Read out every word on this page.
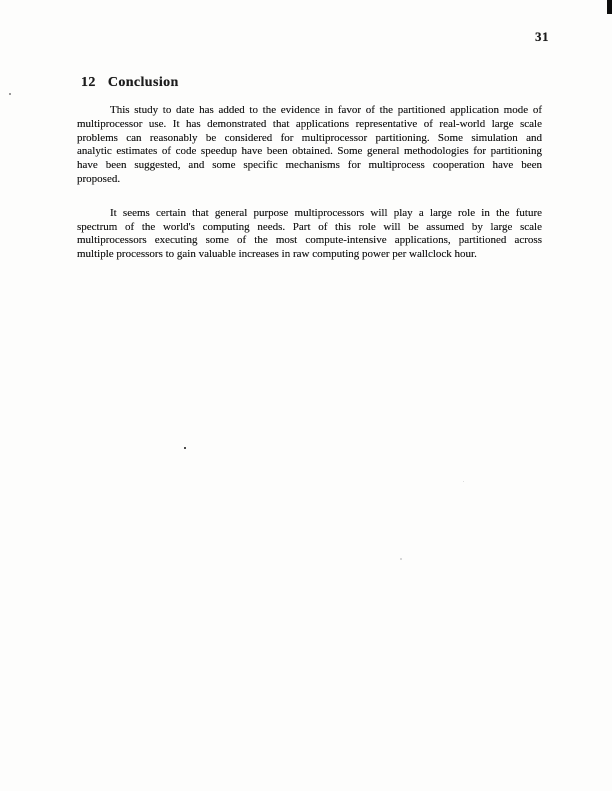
31
12 Conclusion
This study to date has added to the evidence in favor of the partitioned application mode of
multiprocessor use. It has demonstrated that applications representative of real-world large scale
problems can reasonably be considered for multiprocessor partitioning. Some simulation and
analytic estimates of code speedup have been obtained. Some general methodologies for partitioning
have been suggested, and some specific mechanisms for multiprocess cooperation have been
proposed.
It seems certain that general purpose multiprocessors will play a large role in the future
spectrum of the world's computing needs. Part of this role will be assumed by large scale
multiprocessors executing some of the most compute-intensive applications, partitioned across
multiple processors to gain valuable increases in raw computing power per wallclock hour.
